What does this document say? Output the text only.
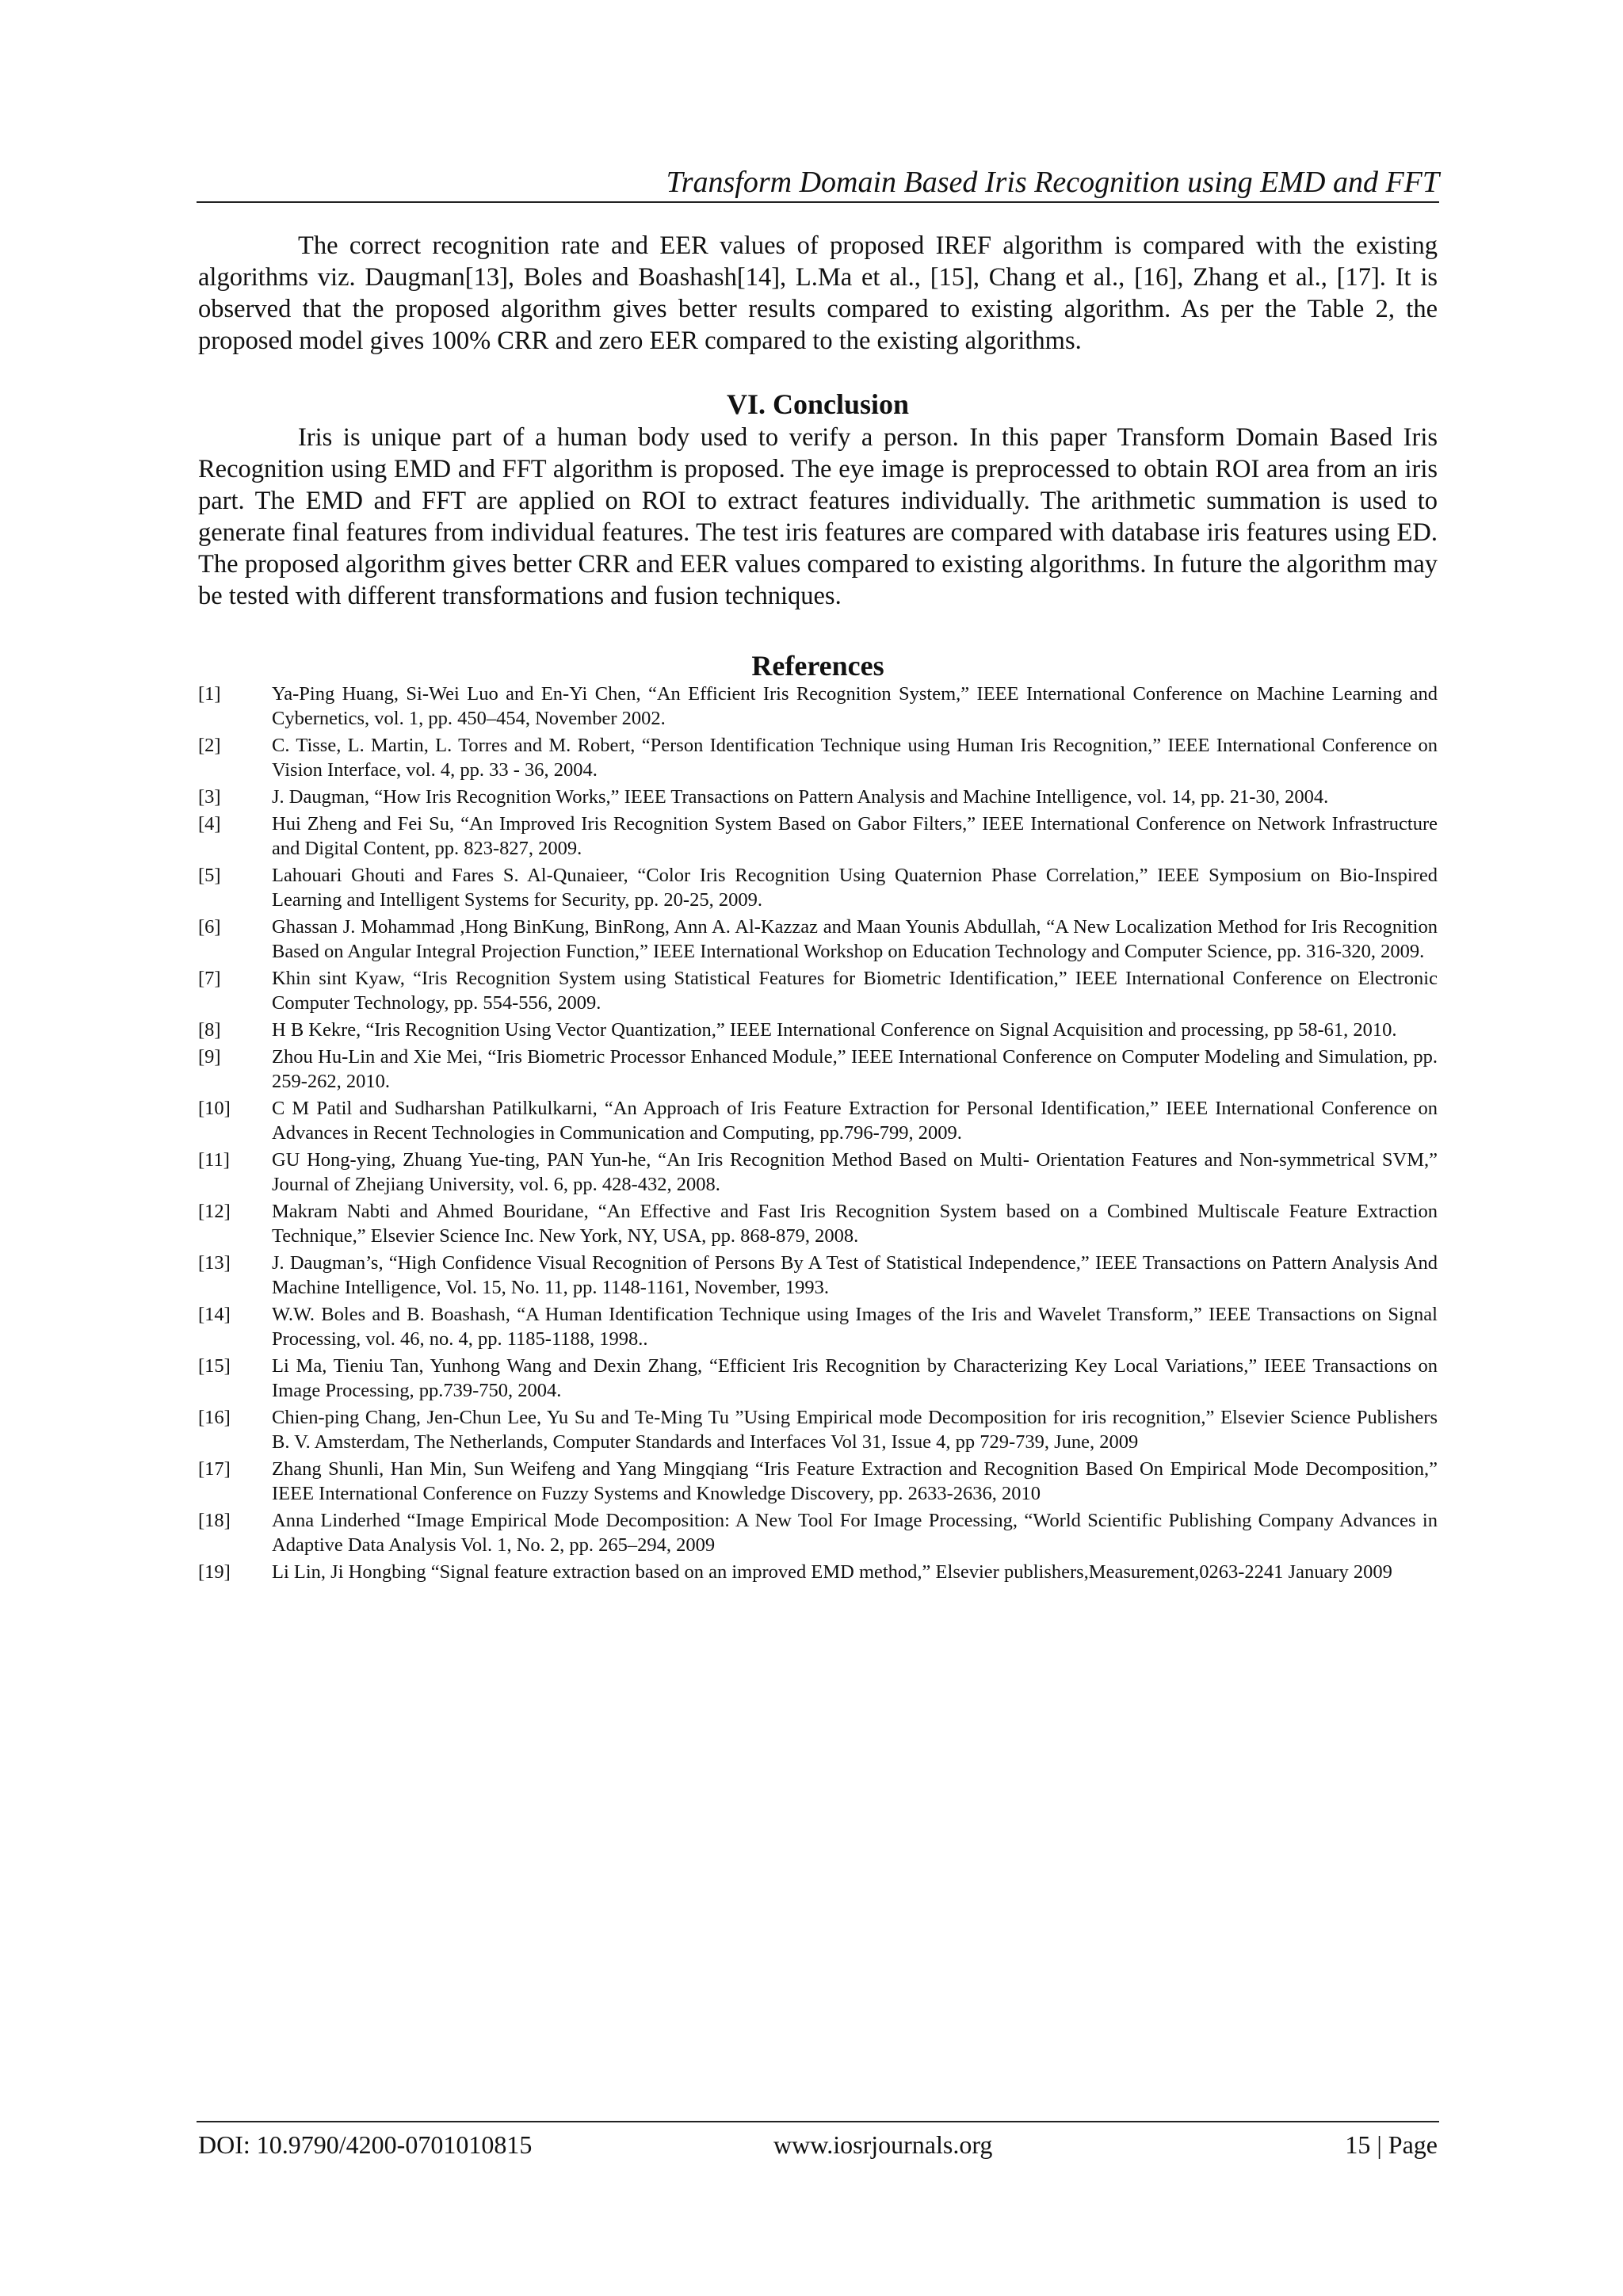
Transform Domain Based Iris Recognition using EMD and FFT

The correct recognition rate and EER values of proposed IREF algorithm is compared with the existing algorithms viz. Daugman[13], Boles and Boashash[14], L.Ma et al., [15], Chang et al., [16], Zhang et al., [17]. It is observed that the proposed algorithm gives better results compared to existing algorithm. As per the Table 2, the proposed model gives 100% CRR and zero EER compared to the existing algorithms.

VI. Conclusion

Iris is unique part of a human body used to verify a person. In this paper Transform Domain Based Iris Recognition using EMD and FFT algorithm is proposed. The eye image is preprocessed to obtain ROI area from an iris part. The EMD and FFT are applied on ROI to extract features individually. The arithmetic summation is used to generate final features from individual features. The test iris features are compared with database iris features using ED. The proposed algorithm gives better CRR and EER values compared to existing algorithms. In future the algorithm may be tested with different transformations and fusion techniques.

References

[1]	Ya-Ping Huang, Si-Wei Luo and En-Yi Chen, “An Efficient Iris Recognition System,” IEEE International Conference on Machine Learning and Cybernetics, vol. 1, pp. 450–454, November 2002.

[2]	C. Tisse, L. Martin, L. Torres and M. Robert, “Person Identification Technique using Human Iris Recognition,” IEEE International Conference on Vision Interface, vol. 4, pp. 33 - 36, 2004.

[3]	J. Daugman, “How Iris Recognition Works,” IEEE Transactions on Pattern Analysis and Machine Intelligence, vol. 14, pp. 21-30, 2004.

[4]	Hui Zheng and Fei Su, “An Improved Iris Recognition System Based on Gabor Filters,” IEEE International Conference on Network Infrastructure and Digital Content, pp. 823-827, 2009.

[5]	Lahouari Ghouti and Fares S. Al-Qunaieer, “Color Iris Recognition Using Quaternion Phase Correlation,” IEEE Symposium on Bio-Inspired Learning and Intelligent Systems for Security, pp. 20-25, 2009.

[6]	Ghassan J. Mohammad ,Hong BinKung, BinRong, Ann A. Al-Kazzaz and Maan Younis Abdullah, “A New Localization Method for Iris Recognition Based on Angular Integral Projection Function,” IEEE International Workshop on Education Technology and Computer Science, pp. 316-320, 2009.

[7]	Khin sint Kyaw, “Iris Recognition System using Statistical Features for Biometric Identification,” IEEE International Conference on Electronic Computer Technology, pp. 554-556, 2009.

[8]	H B Kekre, “Iris Recognition Using Vector Quantization,” IEEE International Conference on Signal Acquisition and processing, pp 58-61, 2010.

[9]	Zhou Hu-Lin and Xie Mei, “Iris Biometric Processor Enhanced Module,” IEEE International Conference on Computer Modeling and Simulation, pp. 259-262, 2010.

[10] C M Patil and Sudharshan Patilkulkarni, “An Approach of Iris Feature Extraction for Personal Identification,” IEEE International Conference on Advances in Recent Technologies in Communication and Computing, pp.796-799, 2009.

[11] GU Hong-ying, Zhuang Yue-ting, PAN Yun-he, “An Iris Recognition Method Based on Multi- Orientation Features and Non-symmetrical SVM,” Journal of Zhejiang University, vol. 6, pp. 428-432, 2008.

[12] Makram Nabti and Ahmed Bouridane, “An Effective and Fast Iris Recognition System based on a Combined Multiscale Feature Extraction Technique,” Elsevier Science Inc. New York, NY, USA, pp. 868-879, 2008.

[13] J. Daugman’s, “High Confidence Visual Recognition of Persons By A Test of Statistical Independence,” IEEE Transactions on Pattern Analysis And Machine Intelligence, Vol. 15, No. 11, pp. 1148-1161, November, 1993.

[14] W.W. Boles and B. Boashash, “A Human Identification Technique using Images of the Iris and Wavelet Transform,” IEEE Transactions on Signal Processing, vol. 46, no. 4, pp. 1185-1188, 1998..

[15] Li Ma, Tieniu Tan, Yunhong Wang and Dexin Zhang, “Efficient Iris Recognition by Characterizing Key Local Variations,” IEEE Transactions on Image Processing, pp.739-750, 2004.

[16] Chien-ping Chang, Jen-Chun Lee, Yu Su and Te-Ming Tu ”Using Empirical mode Decomposition for iris recognition,” Elsevier Science Publishers B. V. Amsterdam, The Netherlands, Computer Standards and Interfaces Vol 31, Issue 4, pp 729-739, June, 2009

[17] Zhang Shunli, Han Min, Sun Weifeng and Yang Mingqiang “Iris Feature Extraction and Recognition Based On Empirical Mode Decomposition,” IEEE International Conference on Fuzzy Systems and Knowledge Discovery, pp. 2633-2636, 2010

[18] Anna Linderhed “Image Empirical Mode Decomposition: A New Tool For Image Processing, “World Scientific Publishing Company Advances in Adaptive Data Analysis Vol. 1, No. 2, pp. 265–294, 2009

[19] Li Lin, Ji Hongbing “Signal feature extraction based on an improved EMD method,” Elsevier publishers,Measurement,0263-2241 January 2009

DOI: 10.9790/4200-0701010815	www.iosrjournals.org	15 | Page
